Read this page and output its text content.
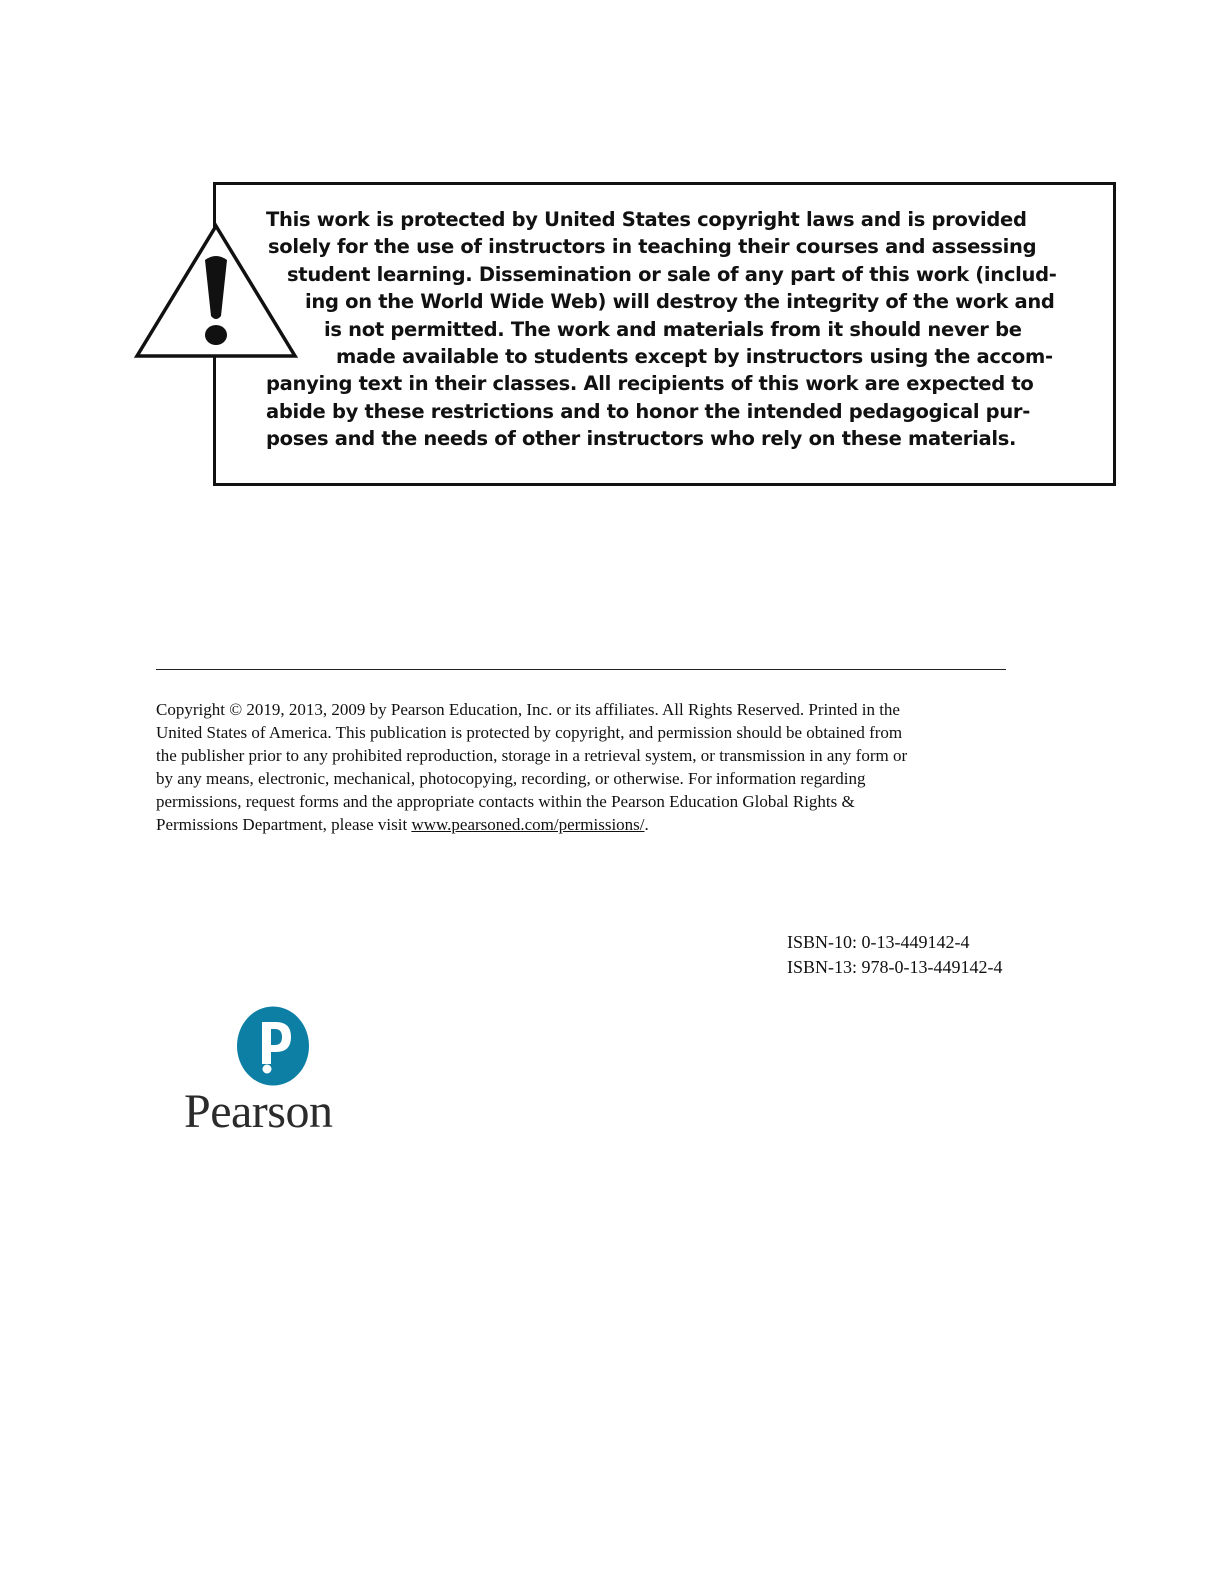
This work is protected by United States copyright laws and is provided
solely for the use of instructors in teaching their courses and assessing
student learning. Dissemination or sale of any part of this work (includ-
ing on the World Wide Web) will destroy the integrity of the work and
is not permitted. The work and materials from it should never be
made available to students except by instructors using the accom-
panying text in their classes. All recipients of this work are expected to
abide by these restrictions and to honor the intended pedagogical pur-
poses and the needs of other instructors who rely on these materials.
Copyright © 2019, 2013, 2009 by Pearson Education, Inc. or its affiliates. All Rights Reserved. Printed in the
United States of America. This publication is protected by copyright, and permission should be obtained from
the publisher prior to any prohibited reproduction, storage in a retrieval system, or transmission in any form or
by any means, electronic, mechanical, photocopying, recording, or otherwise. For information regarding
permissions, request forms and the appropriate contacts within the Pearson Education Global Rights &
Permissions Department, please visit www.pearsoned.com/permissions/.
ISBN-10: 0-13-449142-4
ISBN-13: 978-0-13-449142-4
Pearson
